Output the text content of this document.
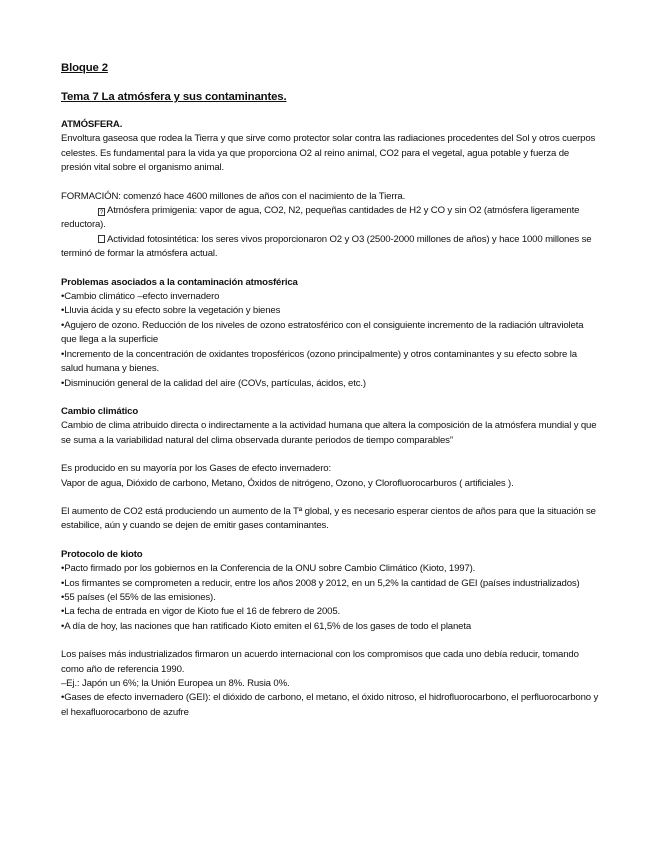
Bloque 2

Tema 7 La atmósfera y sus contaminantes.

ATMÓSFERA.

Envoltura gaseosa que rodea la Tierra y que sirve como protector solar contra las radiaciones procedentes del Sol y otros cuerpos celestes. Es fundamental para la vida ya que proporciona O2 al reino animal, CO2 para el vegetal, agua potable y fuerza de presión vital sobre el organismo animal.

FORMACIÓN: comenzó hace 4600 millones de años con el nacimiento de la Tierra.

? Atmósfera primigenia: vapor de agua, CO2, N2, pequeñas cantidades de H2 y CO y sin O2 (atmósfera ligeramente reductora).

Actividad fotosintética: los seres vivos proporcionaron O2 y O3 (2500-2000 millones de años) y hace 1000 millones se terminó de formar la atmósfera actual.

Problemas asociados a la contaminación atmosférica

•Cambio climático –efecto invernadero

•Lluvia ácida y su efecto sobre la vegetación y bienes

•Agujero de ozono. Reducción de los niveles de ozono estratosférico con el consiguiente incremento de la radiación ultravioleta que llega a la superficie

•Incremento de la concentración de oxidantes troposféricos (ozono principalmente) y otros contaminantes y su efecto sobre la salud humana y bienes.

•Disminución general de la calidad del aire (COVs, partículas, ácidos, etc.)

Cambio climático

Cambio de clima atribuido directa o indirectamente a la actividad humana que altera la composición de la atmósfera mundial y que se suma a la variabilidad natural del clima observada durante periodos de tiempo comparables”

Es producido en su mayoría por los Gases de efecto invernadero:

Vapor de agua, Dióxido de carbono, Metano, Óxidos de nitrógeno, Ozono, y Clorofluorocarburos ( artificiales ).

El aumento de CO2 está produciendo un aumento de la Tª global, y es necesario esperar cientos de años para que la situación se estabilice, aún y cuando se dejen de emitir gases contaminantes.

Protocolo de kioto

•Pacto firmado por los gobiernos en la Conferencia de la ONU sobre Cambio Climático (Kioto, 1997).

•Los firmantes se comprometen a reducir, entre los años 2008 y 2012, en un 5,2% la cantidad de GEI (países industrializados)

•55 países (el 55% de las emisiones).

•La fecha de entrada en vigor de Kioto fue el 16 de febrero de 2005.

•A día de hoy, las naciones que han ratificado Kioto emiten el 61,5% de los gases de todo el planeta

Los países más industrializados firmaron un acuerdo internacional con los compromisos que cada uno debía reducir, tomando como año de referencia 1990.

–Ej.: Japón un 6%; la Unión Europea un 8%. Rusia 0%.

•Gases de efecto invernadero (GEI): el dióxido de carbono, el metano, el óxido nitroso, el hidrofluorocarbono, el perfluorocarbono y el hexafluorocarbono de azufre
